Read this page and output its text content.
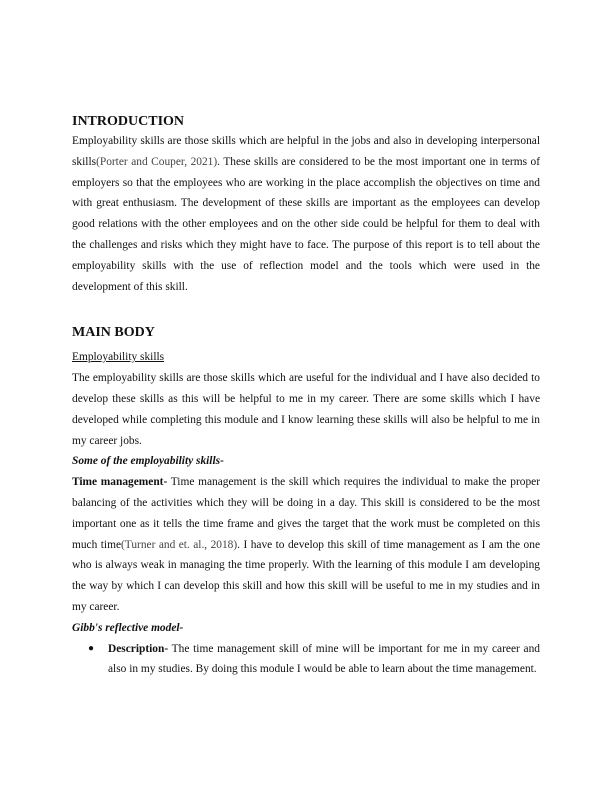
INTRODUCTION

Employability skills are those skills which are helpful in the jobs and also in developing interpersonal skills(Porter and Couper, 2021). These skills are considered to be the most important one in terms of employers so that the employees who are working in the place accomplish the objectives on time and with great enthusiasm. The development of these skills are important as the employees can develop good relations with the other employees and on the other side could be helpful for them to deal with the challenges and risks which they might have to face. The purpose of this report is to tell about the employability skills with the use of reflection model and the tools which were used in the development of this skill.

MAIN BODY
Employability skills

The employability skills are those skills which are useful for the individual and I have also decided to develop these skills as this will be helpful to me in my career. There are some skills which I have developed while completing this module and I know learning these skills will also be helpful to me in my career jobs.

Some of the employability skills-

Time management- Time management is the skill which requires the individual to make the proper balancing of the activities which they will be doing in a day. This skill is considered to be the most important one as it tells the time frame and gives the target that the work must be completed on this much time(Turner and et. al., 2018). I have to develop this skill of time management as I am the one who is always weak in managing the time properly. With the learning of this module I am developing the way by which I can develop this skill and how this skill will be useful to me in my studies and in my career.

Gibb's reflective model-

● Description- The time management skill of mine will be important for me in my career and also in my studies. By doing this module I would be able to learn about the time management.
